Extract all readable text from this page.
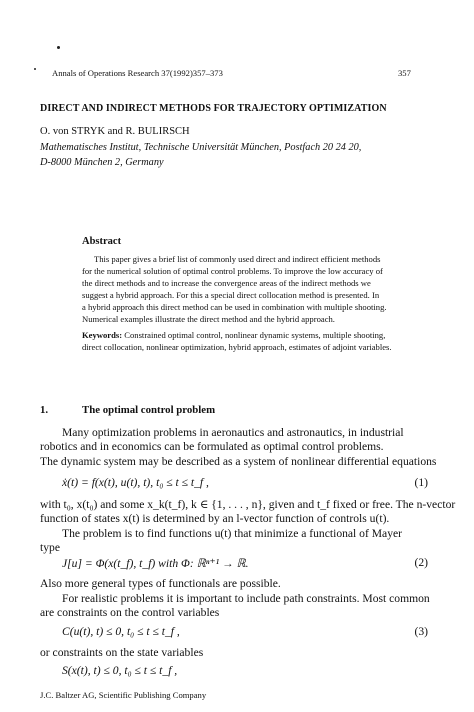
Annals of Operations Research 37(1992)357–373	357
DIRECT AND INDIRECT METHODS FOR TRAJECTORY OPTIMIZATION
O. von STRYK and R. BULIRSCH
Mathematisches Institut, Technische Universität München, Postfach 20 24 20,
D-8000 München 2, Germany
Abstract
This paper gives a brief list of commonly used direct and indirect efficient methods
for the numerical solution of optimal control problems. To improve the low accuracy of
the direct methods and to increase the convergence areas of the indirect methods we
suggest a hybrid approach. For this a special direct collocation method is presented. In
a hybrid approach this direct method can be used in combination with multiple shooting.
Numerical examples illustrate the direct method and the hybrid approach.
Keywords: Constrained optimal control, nonlinear dynamic systems, multiple shooting,
direct collocation, nonlinear optimization, hybrid approach, estimates of adjoint variables.
1.	The optimal control problem
Many optimization problems in aeronautics and astronautics, in industrial
robotics and in economics can be formulated as optimal control problems.
The dynamic system may be described as a system of nonlinear differential equations
ẋ(t) = f(x(t), u(t), t), t₀ ≤ t ≤ t_f ,	(1)
with t₀, x(t₀) and some x_k(t_f), k ∈ {1, . . . , n}, given and t_f fixed or free. The n-vector
function of states x(t) is determined by an l-vector function of controls u(t).
The problem is to find functions u(t) that minimize a functional of Mayer
type
J[u] = Φ(x(t_f), t_f) with Φ: ℝⁿ⁺¹ → ℝ.	(2)
Also more general types of functionals are possible.
For realistic problems it is important to include path constraints. Most common
are constraints on the control variables
C(u(t), t) ≤ 0, t₀ ≤ t ≤ t_f ,	(3)
or constraints on the state variables
S(x(t), t) ≤ 0, t₀ ≤ t ≤ t_f ,
J.C. Baltzer AG, Scientific Publishing Company
